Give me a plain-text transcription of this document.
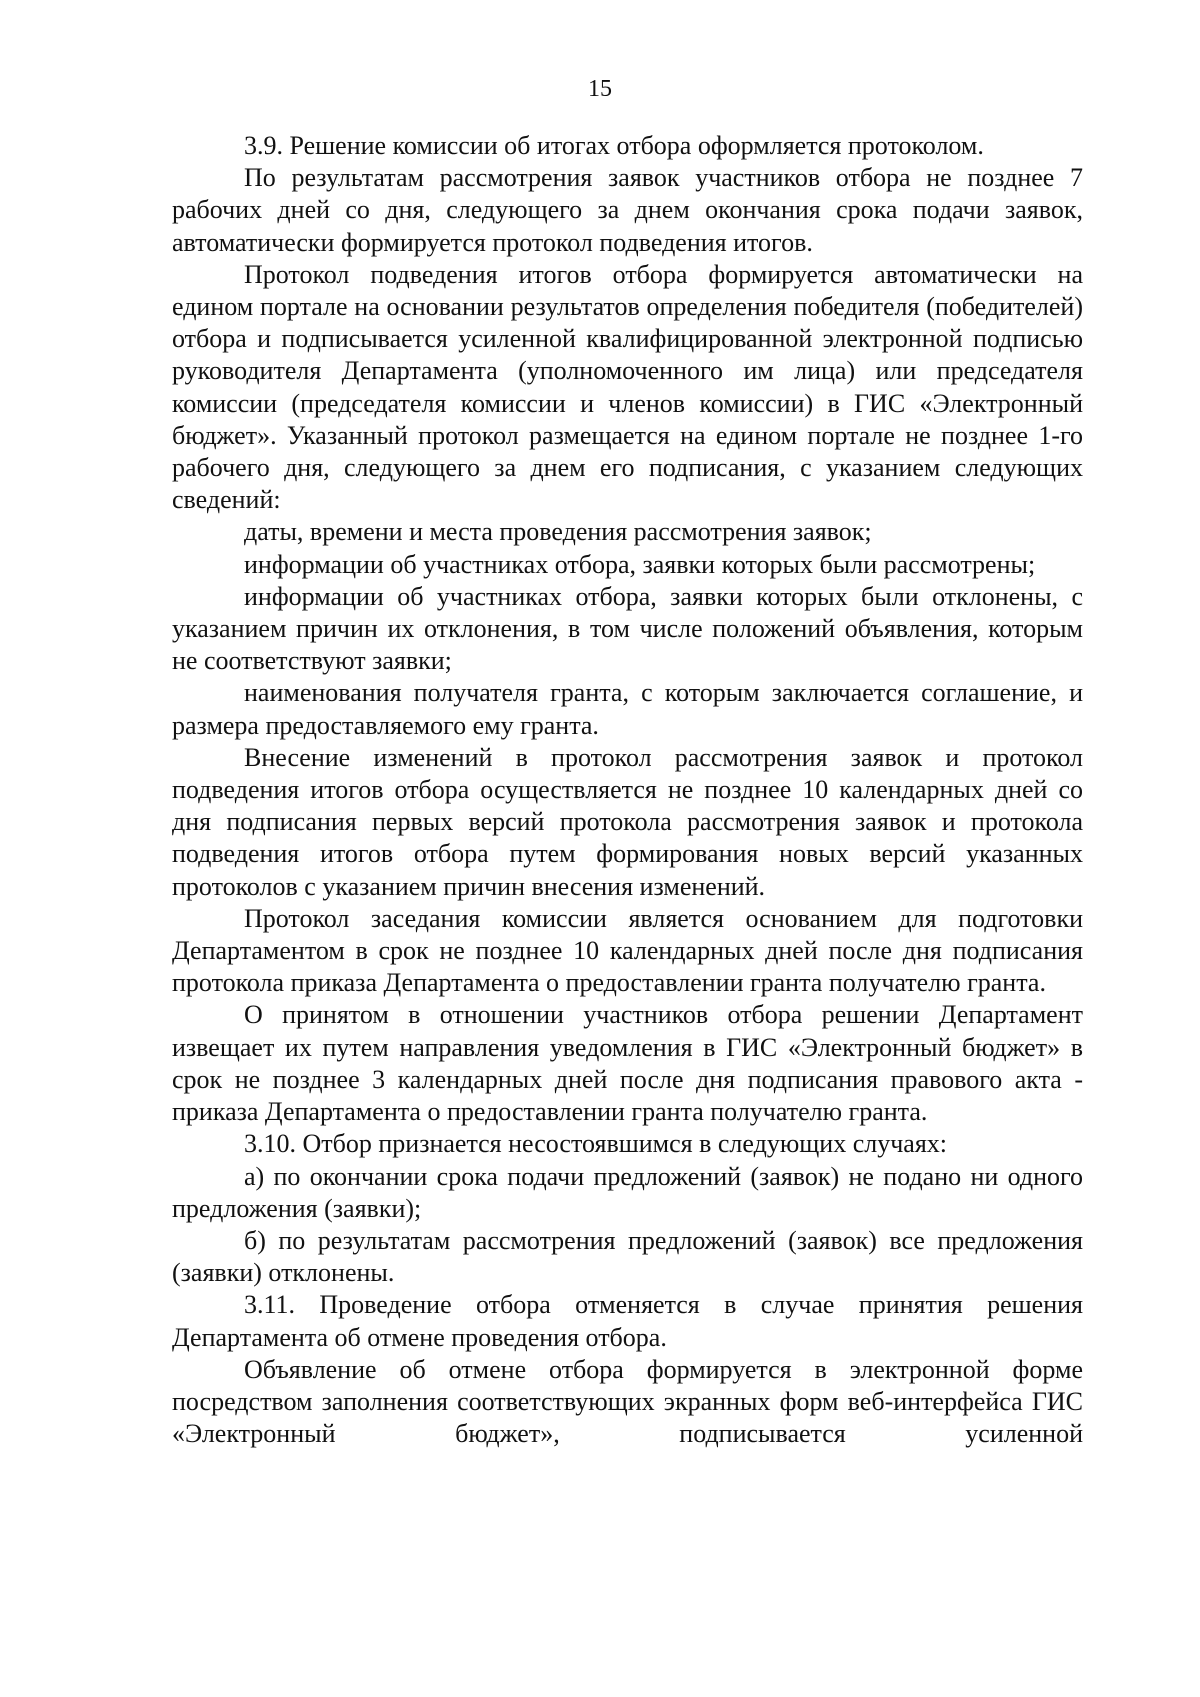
15

3.9. Решение комиссии об итогах отбора оформляется протоколом.

По результатам рассмотрения заявок участников отбора не позднее 7 рабочих дней со дня, следующего за днем окончания срока подачи заявок, автоматически формируется протокол подведения итогов.

Протокол подведения итогов отбора формируется автоматически на едином портале на основании результатов определения победителя (победителей) отбора и подписывается усиленной квалифицированной электронной подписью руководителя Департамента (уполномоченного им лица) или председателя комиссии (председателя комиссии и членов комиссии) в ГИС «Электронный бюджет». Указанный протокол размещается на едином портале не позднее 1-го рабочего дня, следующего за днем его подписания, с указанием следующих сведений:

даты, времени и места проведения рассмотрения заявок;

информации об участниках отбора, заявки которых были рассмотрены;

информации об участниках отбора, заявки которых были отклонены, с указанием причин их отклонения, в том числе положений объявления, которым не соответствуют заявки;

наименования получателя гранта, с которым заключается соглашение, и размера предоставляемого ему гранта.

Внесение изменений в протокол рассмотрения заявок и протокол подведения итогов отбора осуществляется не позднее 10 календарных дней со дня подписания первых версий протокола рассмотрения заявок и протокола подведения итогов отбора путем формирования новых версий указанных протоколов с указанием причин внесения изменений.

Протокол заседания комиссии является основанием для подготовки Департаментом в срок не позднее 10 календарных дней после дня подписания протокола приказа Департамента о предоставлении гранта получателю гранта.

О принятом в отношении участников отбора решении Департамент извещает их путем направления уведомления в ГИС «Электронный бюджет» в срок не позднее 3 календарных дней после дня подписания правового акта - приказа Департамента о предоставлении гранта получателю гранта.

3.10. Отбор признается несостоявшимся в следующих случаях:

а) по окончании срока подачи предложений (заявок) не подано ни одного предложения (заявки);

б) по результатам рассмотрения предложений (заявок) все предложения (заявки) отклонены.

3.11. Проведение отбора отменяется в случае принятия решения Департамента об отмене проведения отбора.

Объявление об отмене отбора формируется в электронной форме посредством заполнения соответствующих экранных форм веб-интерфейса ГИС «Электронный бюджет», подписывается усиленной
